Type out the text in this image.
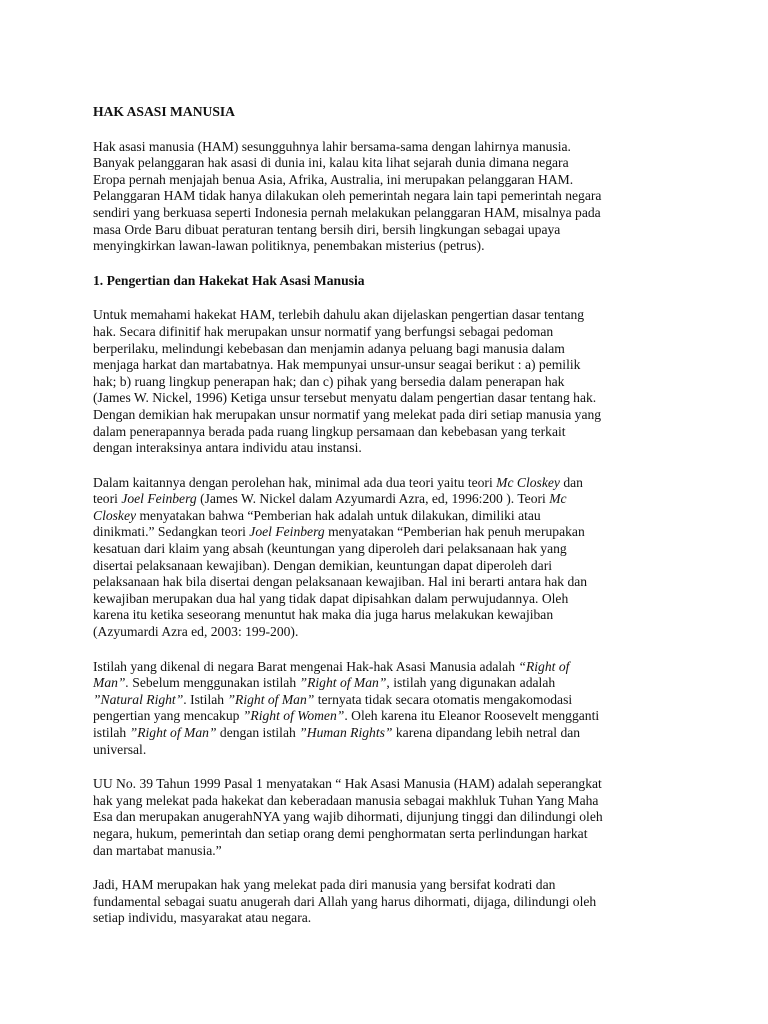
HAK ASASI MANUSIA

Hak asasi manusia (HAM) sesungguhnya lahir bersama-sama dengan lahirnya manusia.
Banyak pelanggaran hak asasi di dunia ini, kalau kita lihat sejarah dunia dimana negara
Eropa pernah menjajah benua Asia, Afrika, Australia, ini merupakan pelanggaran HAM.
Pelanggaran HAM tidak hanya dilakukan oleh pemerintah negara lain tapi pemerintah negara
sendiri yang berkuasa seperti Indonesia pernah melakukan pelanggaran HAM, misalnya pada
masa Orde Baru dibuat peraturan tentang bersih diri, bersih lingkungan sebagai upaya
menyingkirkan lawan-lawan politiknya, penembakan misterius (petrus).

1. Pengertian dan Hakekat Hak Asasi Manusia

Untuk memahami hakekat HAM, terlebih dahulu akan dijelaskan pengertian dasar tentang
hak. Secara difinitif hak merupakan unsur normatif yang berfungsi sebagai pedoman
berperilaku, melindungi kebebasan dan menjamin adanya peluang bagi manusia dalam
menjaga harkat dan martabatnya. Hak mempunyai unsur-unsur seagai berikut : a) pemilik
hak; b) ruang lingkup penerapan hak; dan c) pihak yang bersedia dalam penerapan hak
(James W. Nickel, 1996) Ketiga unsur tersebut menyatu dalam pengertian dasar tentang hak.
Dengan demikian hak merupakan unsur normatif yang melekat pada diri setiap manusia yang
dalam penerapannya berada pada ruang lingkup persamaan dan kebebasan yang terkait
dengan interaksinya antara individu atau instansi.

Dalam kaitannya dengan perolehan hak, minimal ada dua teori yaitu teori Mc Closkey dan
teori Joel Feinberg (James W. Nickel dalam Azyumardi Azra, ed, 1996:200 ). Teori Mc
Closkey menyatakan bahwa “Pemberian hak adalah untuk dilakukan, dimiliki atau
dinikmati.” Sedangkan teori Joel Feinberg menyatakan “Pemberian hak penuh merupakan
kesatuan dari klaim yang absah (keuntungan yang diperoleh dari pelaksanaan hak yang
disertai pelaksanaan kewajiban). Dengan demikian, keuntungan dapat diperoleh dari
pelaksanaan hak bila disertai dengan pelaksanaan kewajiban. Hal ini berarti antara hak dan
kewajiban merupakan dua hal yang tidak dapat dipisahkan dalam perwujudannya. Oleh
karena itu ketika seseorang menuntut hak maka dia juga harus melakukan kewajiban
(Azyumardi Azra ed, 2003: 199-200).

Istilah yang dikenal di negara Barat mengenai Hak-hak Asasi Manusia adalah “Right of
Man”. Sebelum menggunakan istilah ”Right of Man”, istilah yang digunakan adalah
”Natural Right”. Istilah ”Right of Man” ternyata tidak secara otomatis mengakomodasi
pengertian yang mencakup ”Right of Women”. Oleh karena itu Eleanor Roosevelt mengganti
istilah ”Right of Man” dengan istilah ”Human Rights” karena dipandang lebih netral dan
universal.

UU No. 39 Tahun 1999 Pasal 1 menyatakan “ Hak Asasi Manusia (HAM) adalah seperangkat
hak yang melekat pada hakekat dan keberadaan manusia sebagai makhluk Tuhan Yang Maha
Esa dan merupakan anugerahNYA yang wajib dihormati, dijunjung tinggi dan dilindungi oleh
negara, hukum, pemerintah dan setiap orang demi penghormatan serta perlindungan harkat
dan martabat manusia.”

Jadi, HAM merupakan hak yang melekat pada diri manusia yang bersifat kodrati dan
fundamental sebagai suatu anugerah dari Allah yang harus dihormati, dijaga, dilindungi oleh
setiap individu, masyarakat atau negara.
